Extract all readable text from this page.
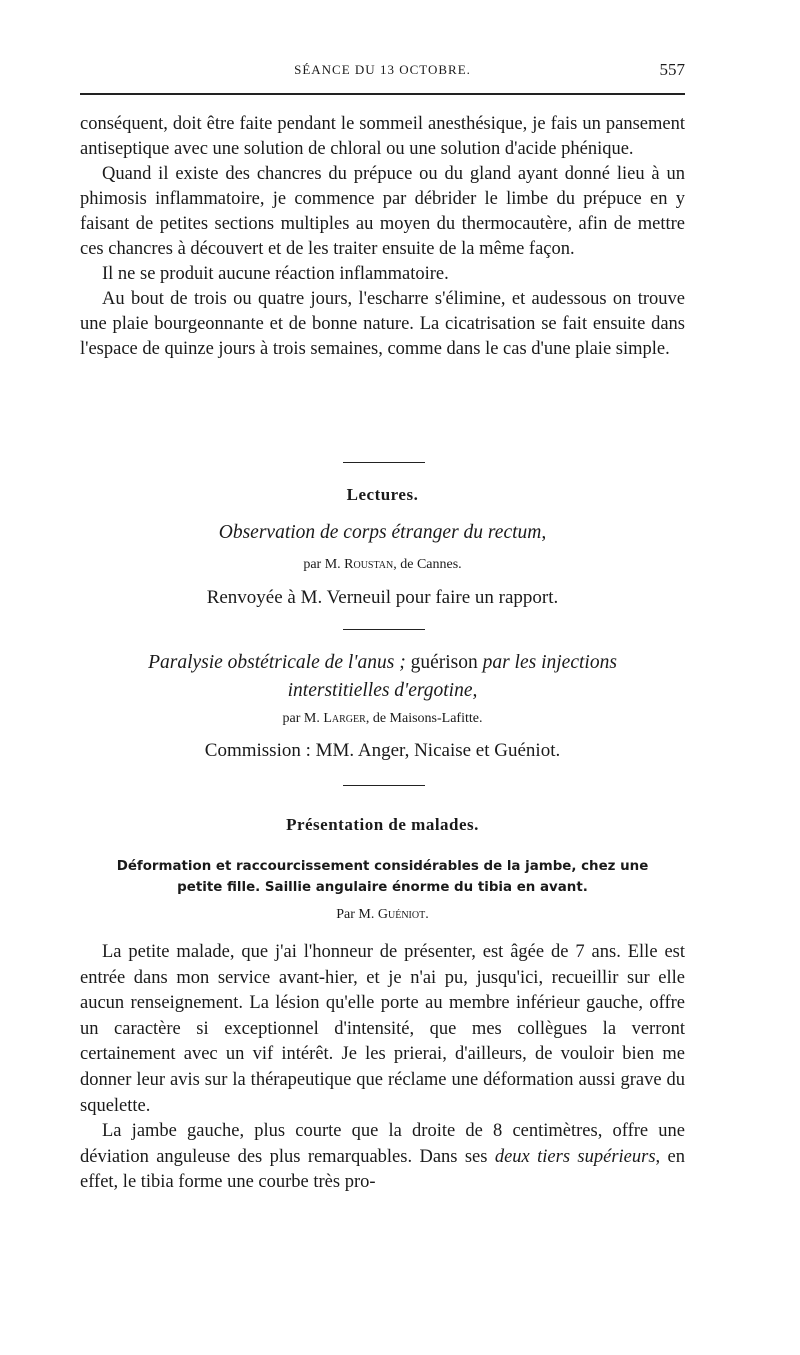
SÉANCE DU 13 OCTOBRE.	557

conséquent, doit être faite pendant le sommeil anesthésique, je fais un pansement antiseptique avec une solution de chloral ou une solution d'acide phénique.

Quand il existe des chancres du prépuce ou du gland ayant donné lieu à un phimosis inflammatoire, je commence par débrider le limbe du prépuce en y faisant de petites sections multiples au moyen du thermocautère, afin de mettre ces chancres à découvert et de les traiter ensuite de la même façon.

Il ne se produit aucune réaction inflammatoire.

Au bout de trois ou quatre jours, l'escharre s'élimine, et audessous on trouve une plaie bourgeonnante et de bonne nature. La cicatrisation se fait ensuite dans l'espace de quinze jours à trois semaines, comme dans le cas d'une plaie simple.

Lectures.
Observation de corps étranger du rectum,
par M. Roustan, de Cannes.
Renvoyée à M. Verneuil pour faire un rapport.
Paralysie obstétricale de l'anus ; guérison par les injections
interstitielles d'ergotine,
par M. Larger, de Maisons-Lafitte.
Commission : MM. Anger, Nicaise et Guéniot.
Présentation de malades.
Déformation et raccourcissement considérables de la jambe, chez une
petite fille. Saillie angulaire énorme du tibia en avant.
Par M. Guéniot.

La petite malade, que j'ai l'honneur de présenter, est âgée de 7 ans. Elle est entrée dans mon service avant-hier, et je n'ai pu, jusqu'ici, recueillir sur elle aucun renseignement. La lésion qu'elle porte au membre inférieur gauche, offre un caractère si exceptionnel d'intensité, que mes collègues la verront certainement avec un vif intérêt. Je les prierai, d'ailleurs, de vouloir bien me donner leur avis sur la thérapeutique que réclame une déformation aussi grave du squelette.

La jambe gauche, plus courte que la droite de 8 centimètres, offre une déviation anguleuse des plus remarquables. Dans ses deux tiers supérieurs, en effet, le tibia forme une courbe très pro-
